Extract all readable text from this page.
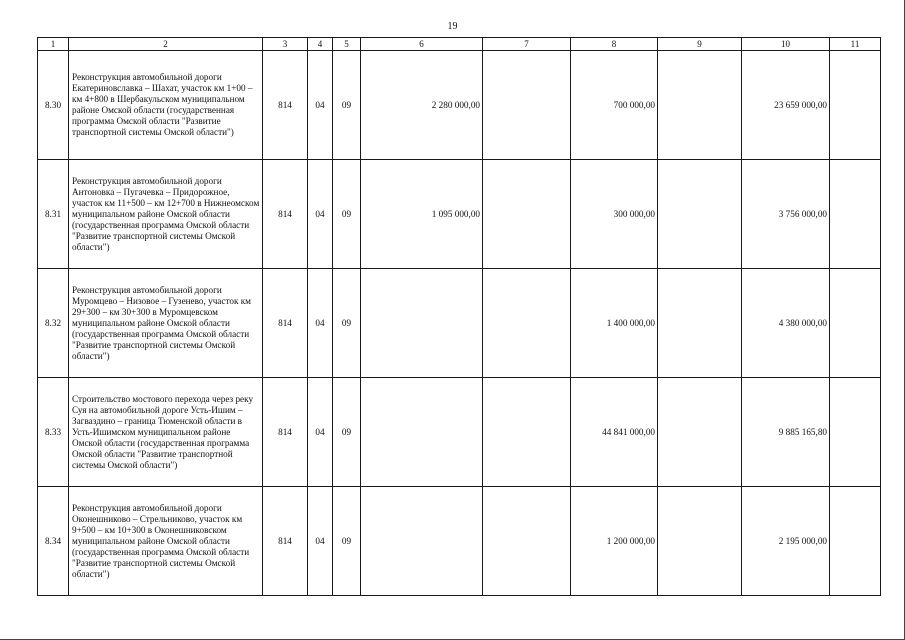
19
1	2	3	4	5	6	7	8	9	10	11
8.30	Реконструкция автомобильной дороги Екатериновславка – Шахат, участок км 1+00 – км 4+800 в Шербакульском муниципальном районе Омской области (государственная программа Омской области "Развитие транспортной системы Омской области")	814	04	09	2 280 000,00		700 000,00		23 659 000,00	
8.31	Реконструкция автомобильной дороги Антоновка – Пугачевка – Придорожное, участок км 11+500 – км 12+700 в Нижнеомском муниципальном районе Омской области (государственная программа Омской области "Развитие транспортной системы Омской области")	814	04	09	1 095 000,00		300 000,00		3 756 000,00	
8.32	Реконструкция автомобильной дороги Муромцево – Низовое – Гузенево, участок км 29+300 – км 30+300 в Муромцевском муниципальном районе Омской области (государственная программа Омской области "Развитие транспортной системы Омской области")	814	04	09			1 400 000,00		4 380 000,00	
8.33	Строительство мостового перехода через реку Суя на автомобильной дороге Усть-Ишим – Загваздино – граница Тюменской области в Усть-Ишимском муниципальном районе Омской области (государственная программа Омской области "Развитие транспортной системы Омской области")	814	04	09			44 841 000,00		9 885 165,80	
8.34	Реконструкция автомобильной дороги Оконешниково – Стрельниково, участок км 9+500 – км 10+300 в Оконешниковском муниципальном районе Омской области (государственная программа Омской области "Развитие транспортной системы Омской области")	814	04	09			1 200 000,00		2 195 000,00	
